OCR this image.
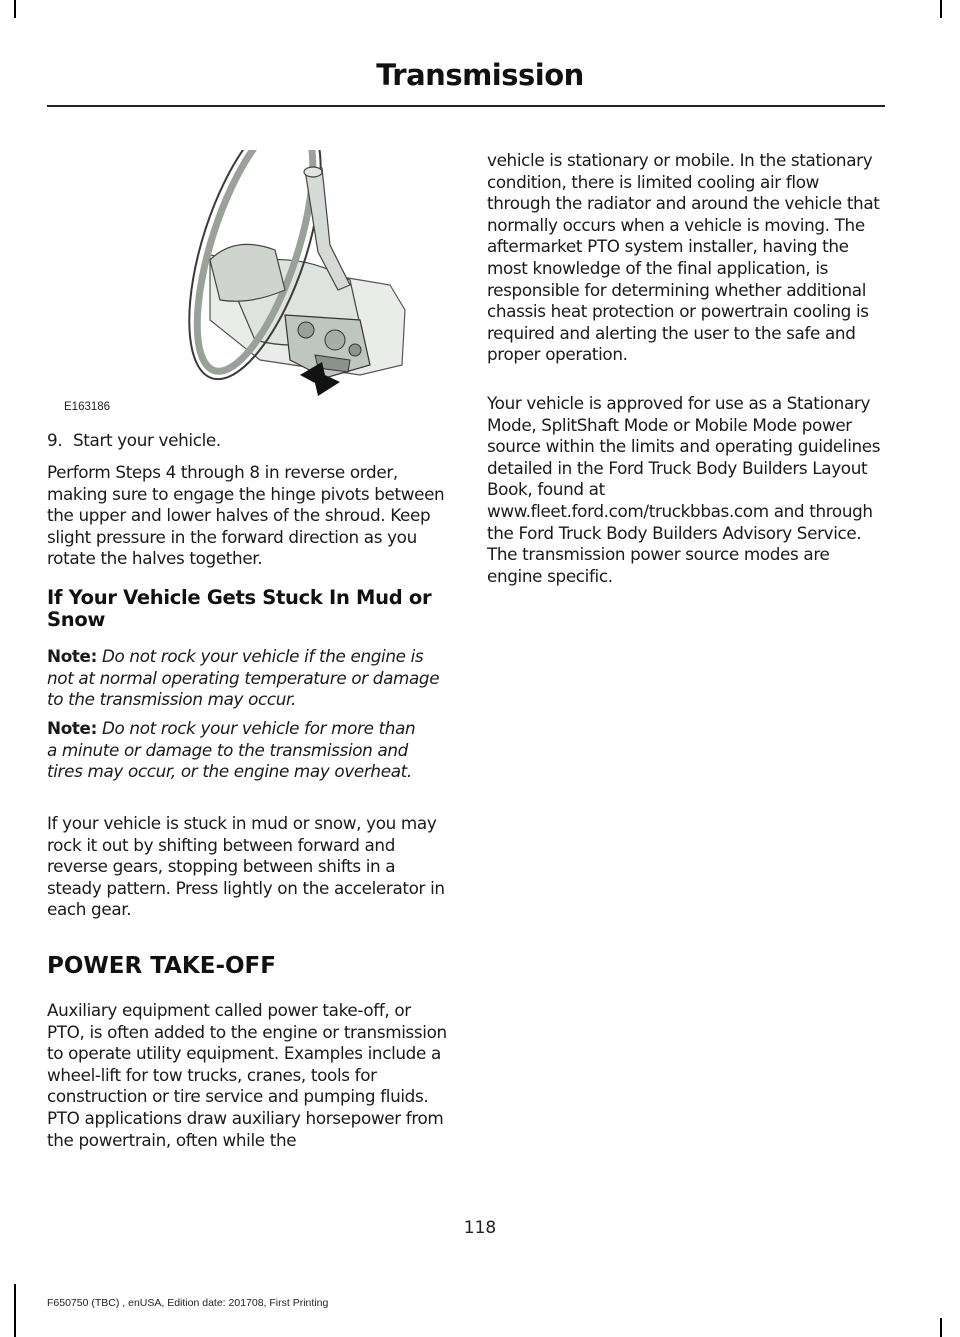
Transmission
E163186

9. Start your vehicle.

Perform Steps 4 through 8 in reverse order, making sure to engage the hinge pivots between the upper and lower halves of the shroud. Keep slight pressure in the forward direction as you rotate the halves together.

If Your Vehicle Gets Stuck In Mud or Snow

Note: Do not rock your vehicle if the engine is not at normal operating temperature or damage to the transmission may occur.

Note: Do not rock your vehicle for more than a minute or damage to the transmission and tires may occur, or the engine may overheat.

If your vehicle is stuck in mud or snow, you may rock it out by shifting between forward and reverse gears, stopping between shifts in a steady pattern. Press lightly on the accelerator in each gear.

POWER TAKE-OFF

Auxiliary equipment called power take-off, or PTO, is often added to the engine or transmission to operate utility equipment. Examples include a wheel-lift for tow trucks, cranes, tools for construction or tire service and pumping fluids. PTO applications draw auxiliary horsepower from the powertrain, often while the

vehicle is stationary or mobile. In the stationary condition, there is limited cooling air flow through the radiator and around the vehicle that normally occurs when a vehicle is moving. The aftermarket PTO system installer, having the most knowledge of the final application, is responsible for determining whether additional chassis heat protection or powertrain cooling is required and alerting the user to the safe and proper operation.

Your vehicle is approved for use as a Stationary Mode, SplitShaft Mode or Mobile Mode power source within the limits and operating guidelines detailed in the Ford Truck Body Builders Layout Book, found at www.fleet.ford.com/truckbbas.com and through the Ford Truck Body Builders Advisory Service. The transmission power source modes are engine specific.

118
F650750 (TBC) , enUSA, Edition date: 201708, First Printing
